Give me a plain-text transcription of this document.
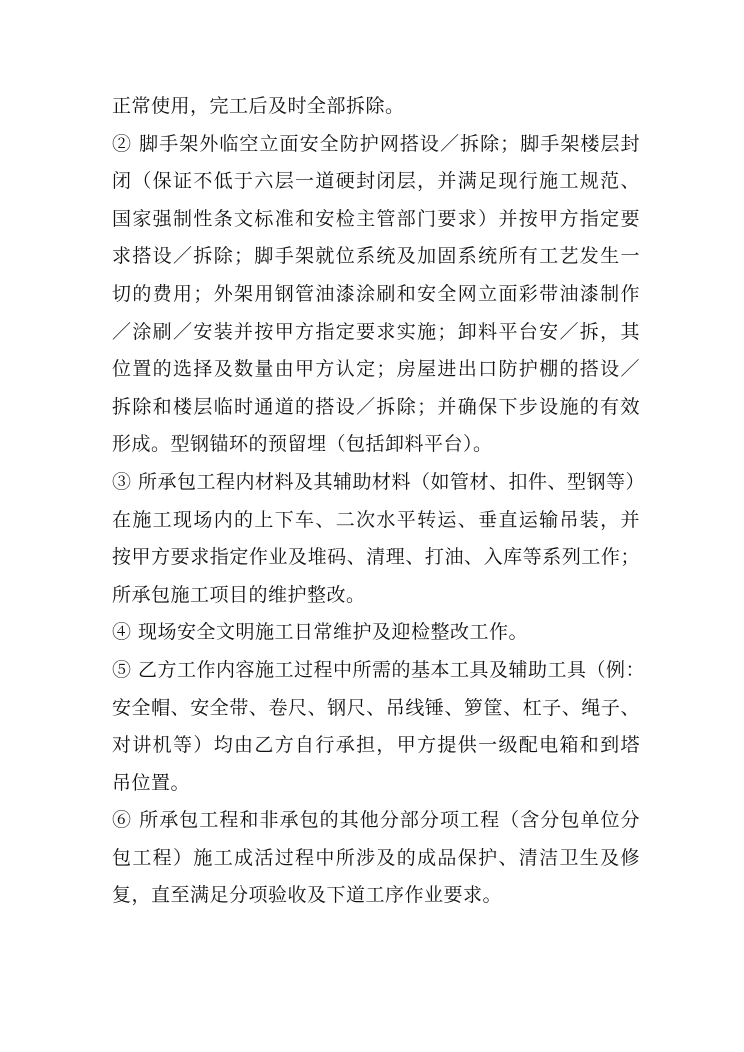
正常使用，完工后及时全部拆除。
② 脚手架外临空立面安全防护网搭设／拆除；脚手架楼层封
闭（保证不低于六层一道硬封闭层，并满足现行施工规范、
国家强制性条文标准和安检主管部门要求）并按甲方指定要
求搭设／拆除；脚手架就位系统及加固系统所有工艺发生一
切的费用；外架用钢管油漆涂刷和安全网立面彩带油漆制作
／涂刷／安装并按甲方指定要求实施；卸料平台安／拆，其
位置的选择及数量由甲方认定；房屋进出口防护棚的搭设／
拆除和楼层临时通道的搭设／拆除；并确保下步设施的有效
形成。型钢锚环的预留埋（包括卸料平台）。
③ 所承包工程内材料及其辅助材料（如管材、扣件、型钢等）
在施工现场内的上下车、二次水平转运、垂直运输吊装，并
按甲方要求指定作业及堆码、清理、打油、入库等系列工作；
所承包施工项目的维护整改。
④ 现场安全文明施工日常维护及迎检整改工作。
⑤ 乙方工作内容施工过程中所需的基本工具及辅助工具（例：
安全帽、安全带、卷尺、钢尺、吊线锤、箩筐、杠子、绳子、
对讲机等）均由乙方自行承担，甲方提供一级配电箱和到塔
吊位置。
⑥ 所承包工程和非承包的其他分部分项工程（含分包单位分
包工程）施工成活过程中所涉及的成品保护、清洁卫生及修
复，直至满足分项验收及下道工序作业要求。
